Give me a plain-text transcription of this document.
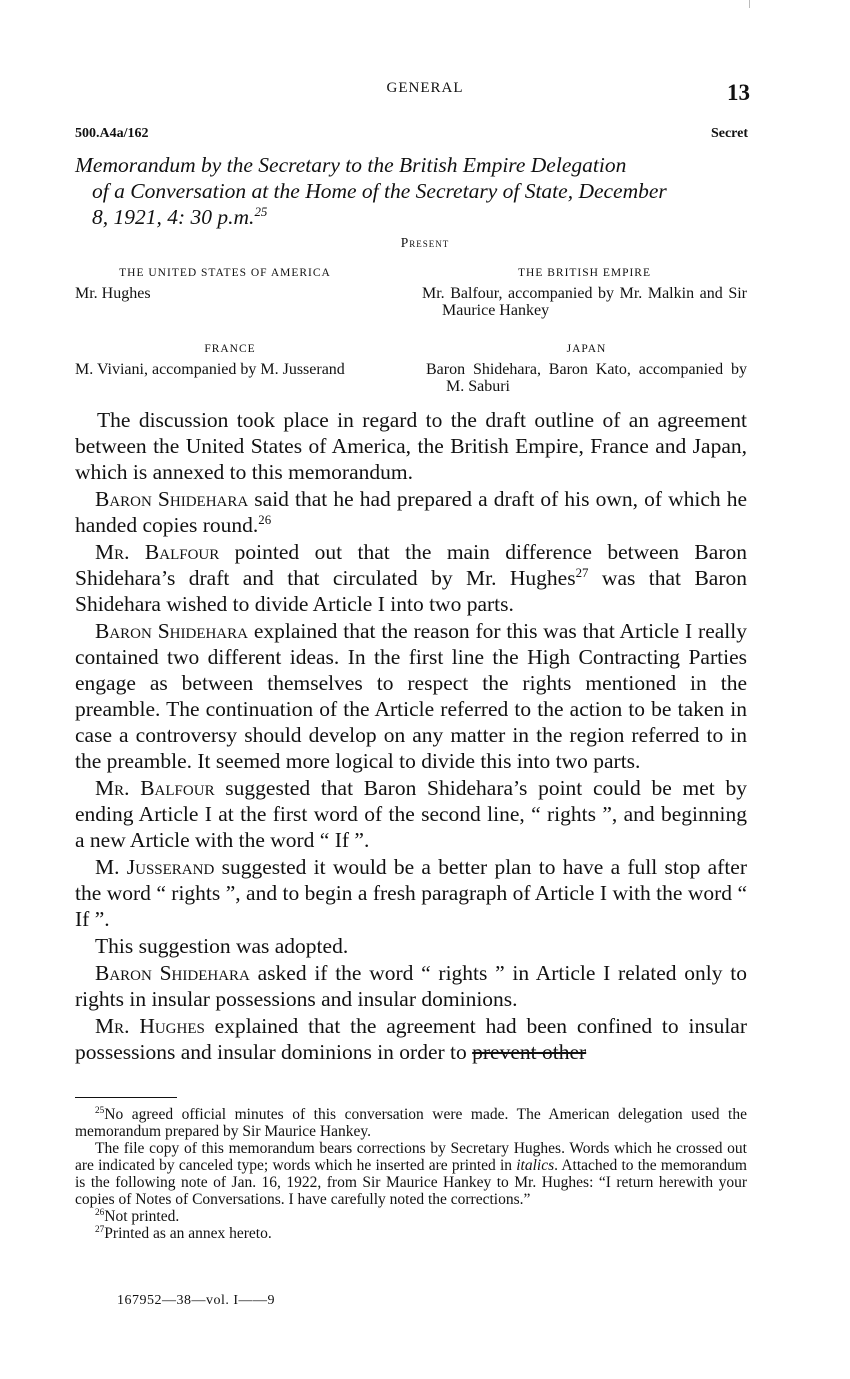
GENERAL	13
500.A4a/162	Secret
Memorandum by the Secretary to the British Empire Delegation
of a Conversation at the Home of the Secretary of State, December
8, 1921, 4: 30 p.m.$^{25}$
Present
THE UNITED STATES OF AMERICA
Mr. Hughes
THE BRITISH EMPIRE
Mr. Balfour, accompanied by Mr. Malkin and Sir Maurice Hankey
FRANCE
M. Viviani, accompanied by M. Jusserand
JAPAN
Baron Shidehara, Baron Kato, accompanied by M. Saburi

The discussion took place in regard to the draft outline of an agreement between the United States of America, the British Empire, France and Japan, which is annexed to this memorandum.

Baron Shidehara said that he had prepared a draft of his own, of which he handed copies round.$^{26}$

Mr. Balfour pointed out that the main difference between Baron Shidehara’s draft and that circulated by Mr. Hughes$^{27}$ was that Baron Shidehara wished to divide Article I into two parts.

Baron Shidehara explained that the reason for this was that Article I really contained two different ideas. In the first line the High Contracting Parties engage as between themselves to respect the rights mentioned in the preamble. The continuation of the Article referred to the action to be taken in case a controversy should develop on any matter in the region referred to in the preamble. It seemed more logical to divide this into two parts.

Mr. Balfour suggested that Baron Shidehara’s point could be met by ending Article I at the first word of the second line, “ rights ”, and beginning a new Article with the word “ If ”.

M. Jusserand suggested it would be a better plan to have a full stop after the word “ rights ”, and to begin a fresh paragraph of Article I with the word “ If ”.

This suggestion was adopted.

Baron Shidehara asked if the word “ rights ” in Article I related only to rights in insular possessions and insular dominions.

Mr. Hughes explained that the agreement had been confined to insular possessions and insular dominions in order to prevent other

$^{25}$No agreed official minutes of this conversation were made. The American delegation used the memorandum prepared by Sir Maurice Hankey.

The file copy of this memorandum bears corrections by Secretary Hughes. Words which he crossed out are indicated by canceled type; words which he inserted are printed in italics. Attached to the memorandum is the following note of Jan. 16, 1922, from Sir Maurice Hankey to Mr. Hughes: “I return herewith your copies of Notes of Conversations. I have carefully noted the corrections.”

$^{26}$Not printed.

$^{27}$Printed as an annex hereto.

167952—38—vol. I——9
